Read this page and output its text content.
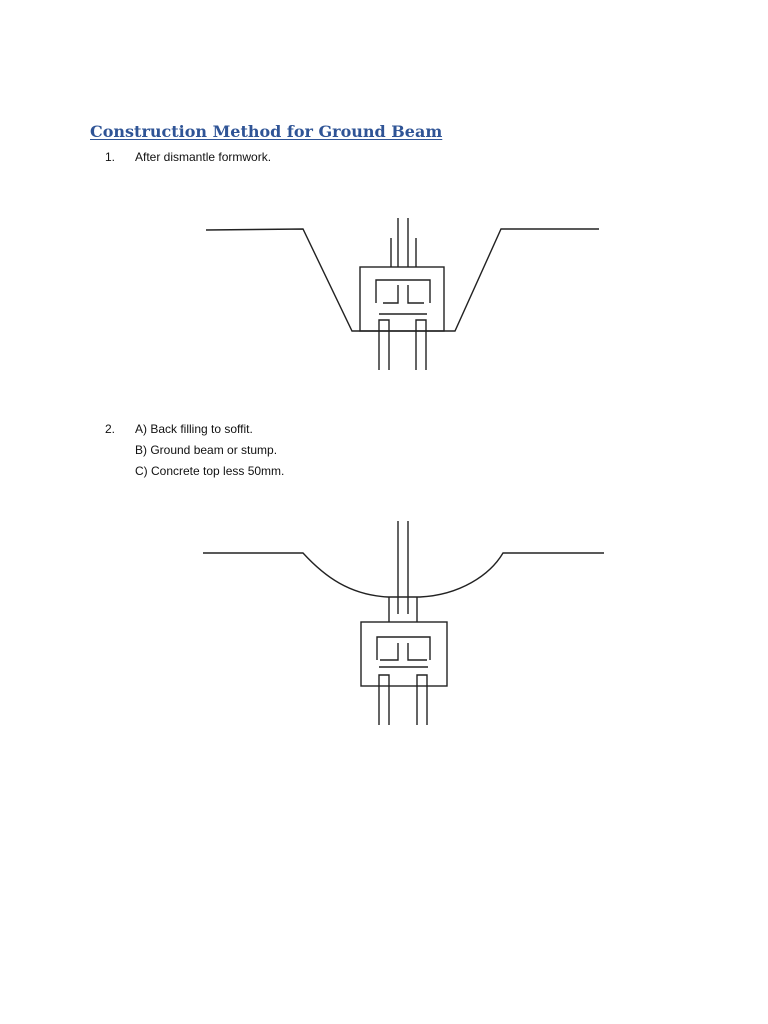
Construction Method for Ground Beam
1. After dismantle formwork.
2. A) Back filling to soffit.
B) Ground beam or stump.
C) Concrete top less 50mm.
